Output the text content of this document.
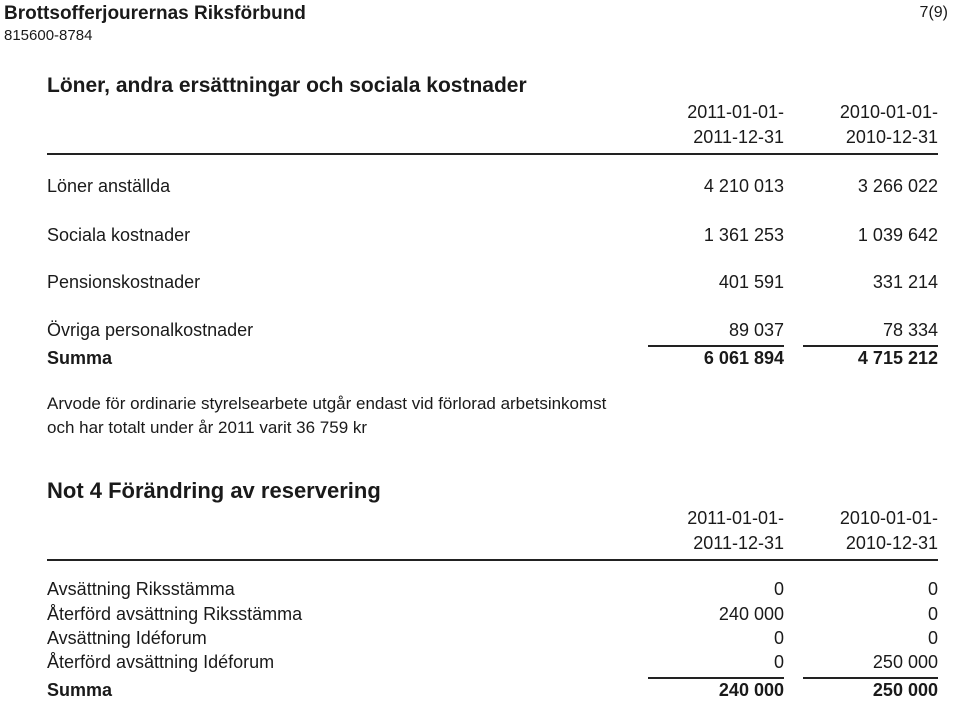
Brottsofferjourernas Riksförbund
815600-8784
7(9)
Löner, andra ersättningar och sociala kostnader
2011-01-01-
2011-12-31
2010-01-01-
2010-12-31
Löner anställda	4 210 013	3 266 022
Sociala kostnader	1 361 253	1 039 642
Pensionskostnader	401 591	331 214
Övriga personalkostnader	89 037	78 334
Summa	6 061 894	4 715 212
Arvode för ordinarie styrelsearbete utgår endast vid förlorad arbetsinkomst
och har totalt under år 2011 varit 36 759 kr
Not 4 Förändring av reservering
2011-01-01-
2011-12-31
2010-01-01-
2010-12-31
Avsättning Riksstämma	0	0
Återförd avsättning Riksstämma	240 000	0
Avsättning Idéforum	0	0
Återförd avsättning Idéforum	0	250 000
Summa	240 000	250 000
